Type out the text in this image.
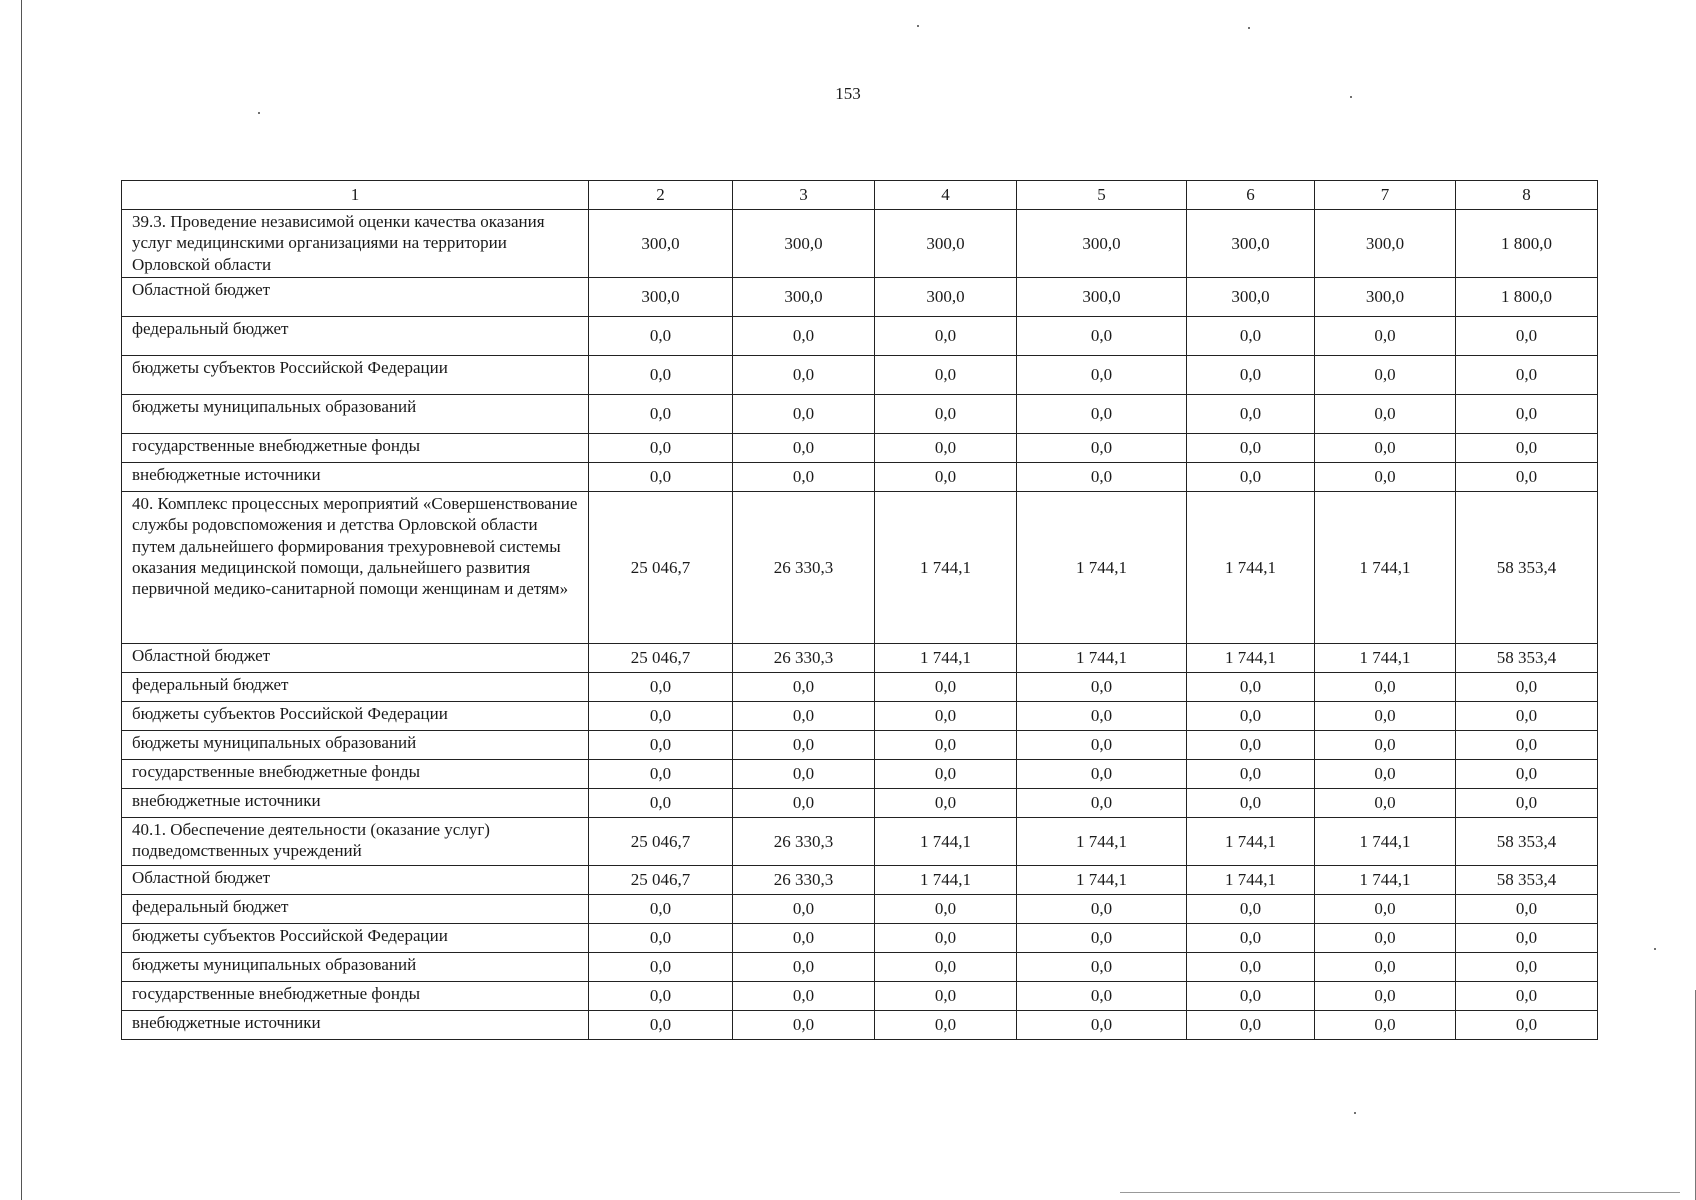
153
1	2	3	4	5	6	7	8
39.3. Проведение независимой оценки качества оказания услуг медицинскими организациями на территории Орловской области	300,0	300,0	300,0	300,0	300,0	300,0	1 800,0
Областной бюджет	300,0	300,0	300,0	300,0	300,0	300,0	1 800,0
федеральный бюджет	0,0	0,0	0,0	0,0	0,0	0,0	0,0
бюджеты субъектов Российской Федерации	0,0	0,0	0,0	0,0	0,0	0,0	0,0
бюджеты муниципальных образований	0,0	0,0	0,0	0,0	0,0	0,0	0,0
государственные внебюджетные фонды	0,0	0,0	0,0	0,0	0,0	0,0	0,0
внебюджетные источники	0,0	0,0	0,0	0,0	0,0	0,0	0,0
40. Комплекс процессных мероприятий «Совершенствование службы родовспоможения и детства Орловской области путем дальнейшего формирования трехуровневой системы оказания медицинской помощи, дальнейшего развития первичной медико-санитарной помощи женщинам и детям»	25 046,7	26 330,3	1 744,1	1 744,1	1 744,1	1 744,1	58 353,4
Областной бюджет	25 046,7	26 330,3	1 744,1	1 744,1	1 744,1	1 744,1	58 353,4
федеральный бюджет	0,0	0,0	0,0	0,0	0,0	0,0	0,0
бюджеты субъектов Российской Федерации	0,0	0,0	0,0	0,0	0,0	0,0	0,0
бюджеты муниципальных образований	0,0	0,0	0,0	0,0	0,0	0,0	0,0
государственные внебюджетные фонды	0,0	0,0	0,0	0,0	0,0	0,0	0,0
внебюджетные источники	0,0	0,0	0,0	0,0	0,0	0,0	0,0
40.1. Обеспечение деятельности (оказание услуг) подведомственных учреждений	25 046,7	26 330,3	1 744,1	1 744,1	1 744,1	1 744,1	58 353,4
Областной бюджет	25 046,7	26 330,3	1 744,1	1 744,1	1 744,1	1 744,1	58 353,4
федеральный бюджет	0,0	0,0	0,0	0,0	0,0	0,0	0,0
бюджеты субъектов Российской Федерации	0,0	0,0	0,0	0,0	0,0	0,0	0,0
бюджеты муниципальных образований	0,0	0,0	0,0	0,0	0,0	0,0	0,0
государственные внебюджетные фонды	0,0	0,0	0,0	0,0	0,0	0,0	0,0
внебюджетные источники	0,0	0,0	0,0	0,0	0,0	0,0	0,0
